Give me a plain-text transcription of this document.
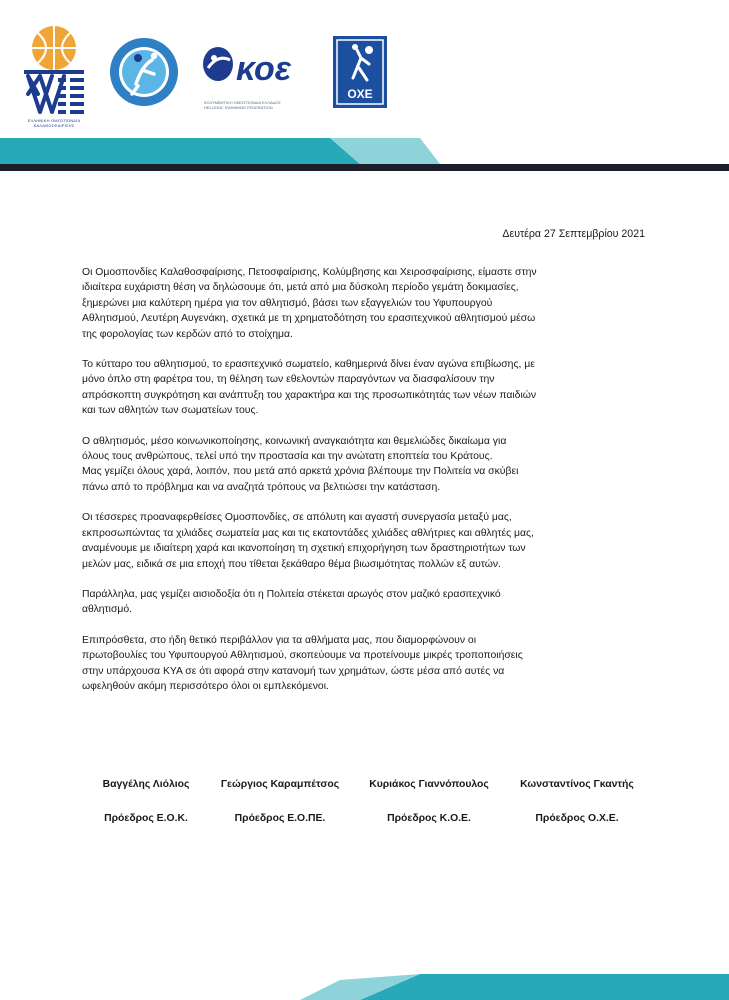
ΕΛΛΗΝΙΚΗ ΟΜΟΣΠΟΝΔΙΑ
ΚΑΛΑΘΟΣΦΑΙΡΙΣΗΣ
κοε
ΚΟΛΥΜΒΗΤΙΚΗ ΟΜΟΣΠΟΝΔΙΑ ΕΛΛΑΔΟΣ
HELLENIC SWIMMING FEDERATION
ΟΧΕ
Δευτέρα 27 Σεπτεμβρίου 2021

Οι Ομοσπονδίες Καλαθοσφαίρισης, Πετοσφαίρισης, Κολύμβησης και Χειροσφαίρισης, είμαστε στην
ιδιαίτερα ευχάριστη θέση να δηλώσουμε ότι, μετά από μια δύσκολη περίοδο γεμάτη δοκιμασίες,
ξημερώνει μια καλύτερη ημέρα για τον αθλητισμό, βάσει των εξαγγελιών του Υφυπουργού
Αθλητισμού, Λευτέρη Αυγενάκη, σχετικά με τη χρηματοδότηση του ερασιτεχνικού αθλητισμού μέσω
της φορολογίας των κερδών από το στοίχημα.

Το κύτταρο του αθλητισμού, το ερασιτεχνικό σωματείο, καθημερινά δίνει έναν αγώνα επιβίωσης, με
μόνο όπλο στη φαρέτρα του, τη θέληση των εθελοντών παραγόντων να διασφαλίσουν την
απρόσκοπτη συγκρότηση και ανάπτυξη του χαρακτήρα και της προσωπικότητάς των νέων παιδιών
και των αθλητών των σωματείων τους.

Ο αθλητισμός, μέσο κοινωνικοποίησης, κοινωνική αναγκαιότητα και θεμελιώδες δικαίωμα για
όλους τους ανθρώπους, τελεί υπό την προστασία και την ανώτατη εποπτεία του Κράτους.
Μας γεμίζει όλους χαρά, λοιπόν, που μετά από αρκετά χρόνια βλέπουμε την Πολιτεία να σκύβει
πάνω από το πρόβλημα και να αναζητά τρόπους να βελτιώσει την κατάσταση.

Οι τέσσερες προαναφερθείσες Ομοσπονδίες, σε απόλυτη και αγαστή συνεργασία μεταξύ μας,
εκπροσωπώντας τα χιλιάδες σωματεία μας και τις εκατοντάδες χιλιάδες αθλήτριες και αθλητές μας,
αναμένουμε με ιδιαίτερη χαρά και ικανοποίηση τη σχετική επιχορήγηση των δραστηριοτήτων των
μελών μας, ειδικά σε μια εποχή που τίθεται ξεκάθαρο θέμα βιωσιμότητας πολλών εξ αυτών.

Παράλληλα, μας γεμίζει αισιοδοξία ότι η Πολιτεία στέκεται αρωγός στον μαζικό ερασιτεχνικό
αθλητισμό.

Επιπρόσθετα, στο ήδη θετικό περιβάλλον για τα αθλήματα μας, που διαμορφώνουν οι
πρωτοβουλίες του Υφυπουργού Αθλητισμού, σκοπεύουμε να προτείνουμε μικρές τροποποιήσεις
στην υπάρχουσα ΚΥΑ σε ότι αφορά στην κατανομή των χρημάτων, ώστε μέσα από αυτές να
ωφεληθούν ακόμη περισσότερο όλοι οι εμπλεκόμενοι.

Βαγγέλης Λιόλιος	Γεώργιος Καραμπέτσος	Κυριάκος Γιαννόπουλος	Κωνσταντίνος Γκαντής
Πρόεδρος Ε.Ο.Κ.	Πρόεδρος Ε.Ο.ΠΕ.	Πρόεδρος Κ.Ο.Ε.	Πρόεδρος Ο.Χ.Ε.
